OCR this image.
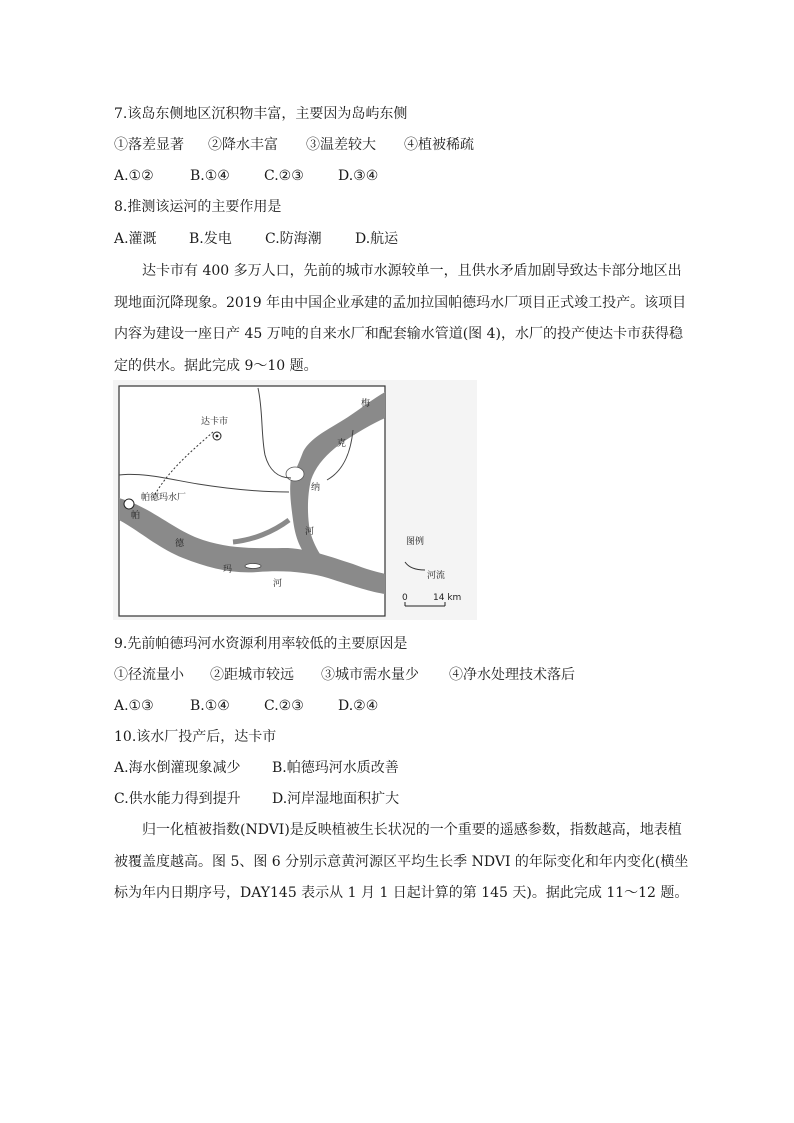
7.该岛东侧地区沉积物丰富，主要因为岛屿东侧
①落差显著	②降水丰富	③温差较大	④植被稀疏
A.①②	B.①④	C.②③	D.③④
8.推测该运河的主要作用是
A.灌溉	B.发电	C.防海潮	D.航运
达卡市有 400 多万人口，先前的城市水源较单一，且供水矛盾加剧导致达卡部分地区出现地面沉降现象。2019 年由中国企业承建的孟加拉国帕德玛水厂项目正式竣工投产。该项目内容为建设一座日产 45 万吨的自来水厂和配套输水管道(图 4)，水厂的投产使达卡市获得稳定的供水。据此完成 9～10 题。
达卡市
帕德玛水厂
帕
德
玛
河
梅
克
纳
河
图例
河流
0	14 km
9.先前帕德玛河水资源利用率较低的主要原因是
①径流量小	②距城市较远	③城市需水量少	④净水处理技术落后
A.①③	B.①④	C.②③	D.②④
10.该水厂投产后，达卡市
A.海水倒灌现象减少	B.帕德玛河水质改善
C.供水能力得到提升	D.河岸湿地面积扩大
归一化植被指数(NDVI)是反映植被生长状况的一个重要的遥感参数，指数越高，地表植被覆盖度越高。图 5、图 6 分别示意黄河源区平均生长季 NDVI 的年际变化和年内变化(横坐标为年内日期序号，DAY145 表示从 1 月 1 日起计算的第 145 天)。据此完成 11～12 题。
